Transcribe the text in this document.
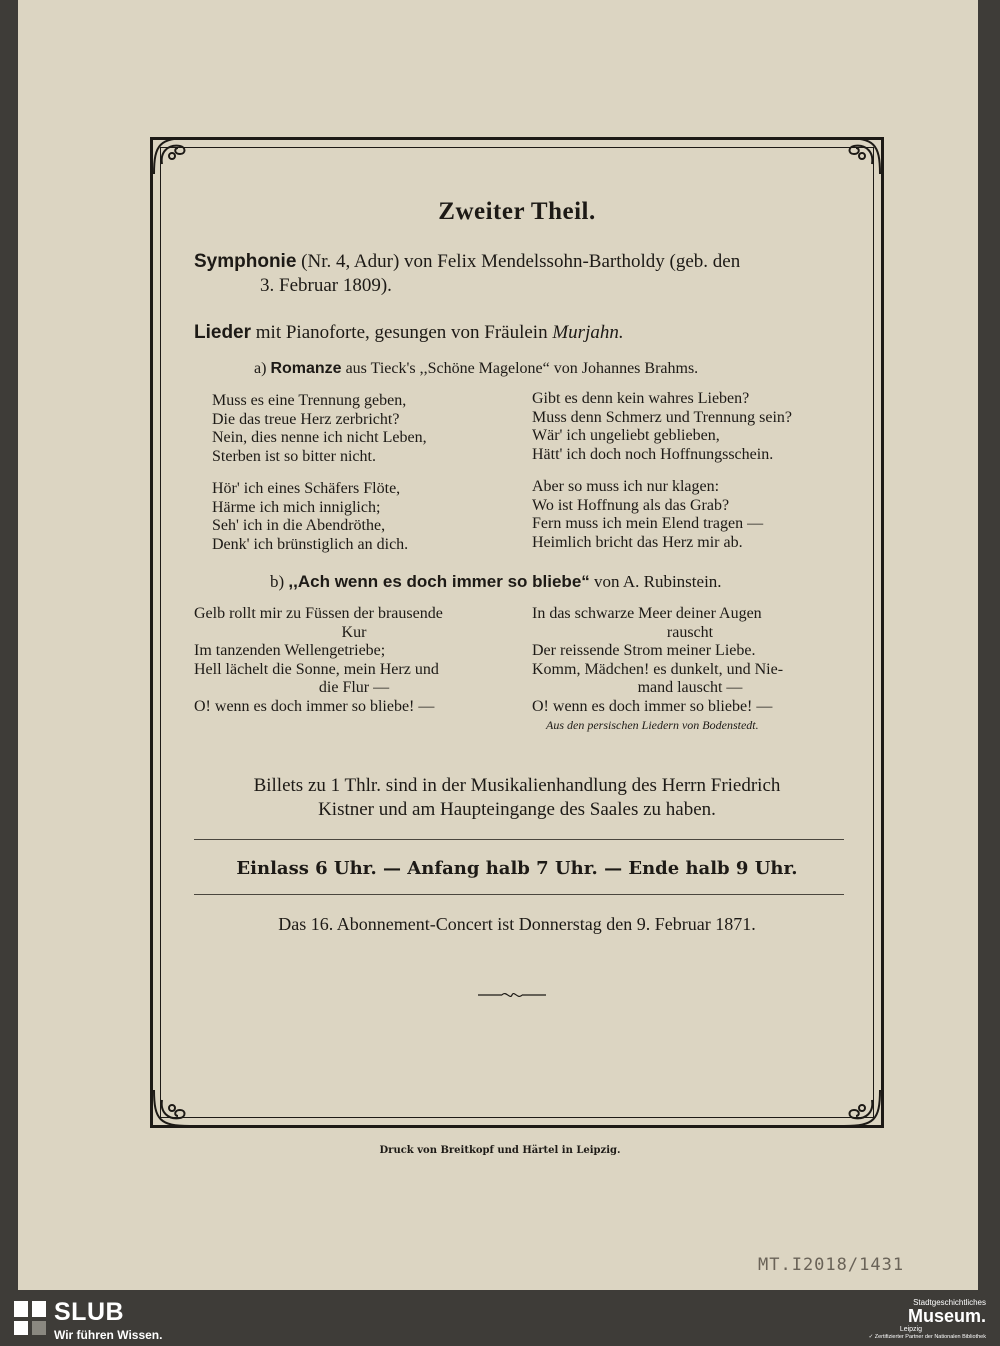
Zweiter Theil.
Symphonie (Nr. 4, Adur) von Felix Mendelssohn-Bartholdy (geb. den
3. Februar 1809).
Lieder mit Pianoforte, gesungen von Fräulein Murjahn.
a) Romanze aus Tieck's ,,Schöne Magelone“ von Johannes Brahms.
Muss es eine Trennung geben,
Die das treue Herz zerbricht?
Nein, dies nenne ich nicht Leben,
Sterben ist so bitter nicht.
Gibt es denn kein wahres Lieben?
Muss denn Schmerz und Trennung sein?
Wär' ich ungeliebt geblieben,
Hätt' ich doch noch Hoffnungsschein.
Hör' ich eines Schäfers Flöte,
Härme ich mich inniglich;
Seh' ich in die Abendröthe,
Denk' ich brünstiglich an dich.
Aber so muss ich nur klagen:
Wo ist Hoffnung als das Grab?
Fern muss ich mein Elend tragen —
Heimlich bricht das Herz mir ab.
b) ,,Ach wenn es doch immer so bliebe“ von A. Rubinstein.
Gelb rollt mir zu Füssen der brausende
Kur
Im tanzenden Wellengetriebe;
Hell lächelt die Sonne, mein Herz und
die Flur —
O! wenn es doch immer so bliebe! —
In das schwarze Meer deiner Augen
rauscht
Der reissende Strom meiner Liebe.
Komm, Mädchen! es dunkelt, und Nie-
mand lauscht —
O! wenn es doch immer so bliebe! —
Aus den persischen Liedern von Bodenstedt.
Billets zu 1 Thlr. sind in der Musikalienhandlung des Herrn Friedrich
Kistner und am Haupteingange des Saales zu haben.
Einlass 6 Uhr. — Anfang halb 7 Uhr. — Ende halb 9 Uhr.
Das 16. Abonnement-Concert ist Donnerstag den 9. Februar 1871.
Druck von Breitkopf und Härtel in Leipzig.
MT.I2018/1431
SLUB
Wir führen Wissen.
Stadtgeschichtliches
Museum.
Leipzig
✓ Zertifizierter Partner der Nationalen Bibliothek
